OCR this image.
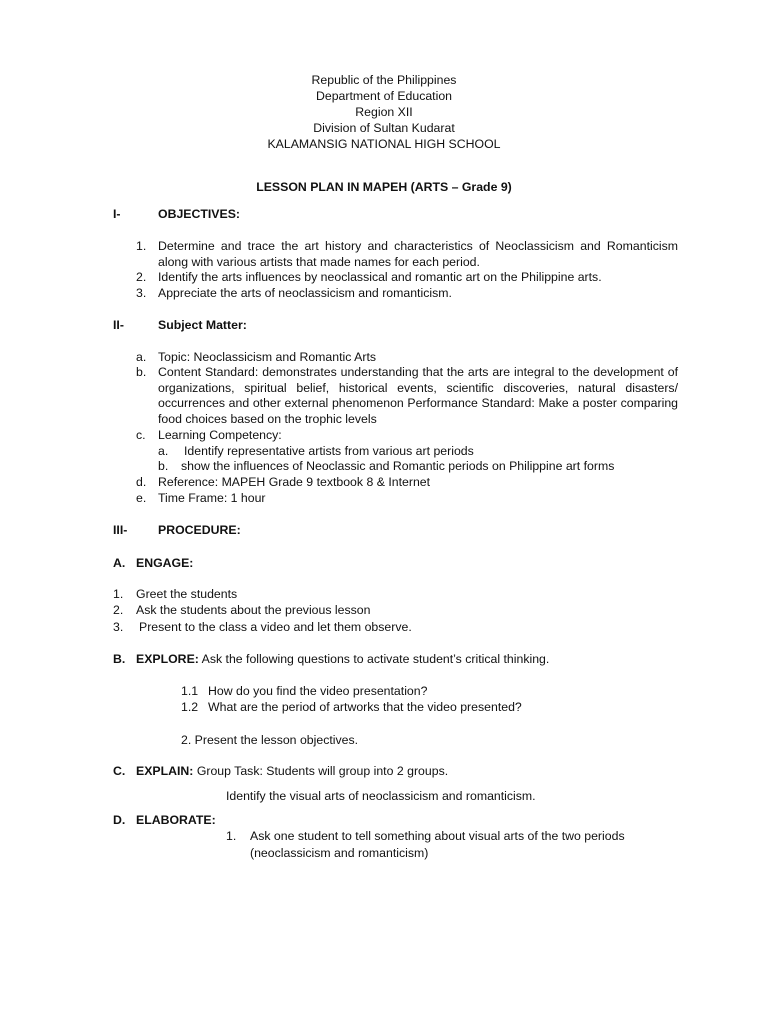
Republic of the Philippines
Department of Education
Region XII
Division of Sultan Kudarat
KALAMANSIG NATIONAL HIGH SCHOOL
LESSON PLAN IN MAPEH (ARTS – Grade 9)
I-	OBJECTIVES:
1. Determine and trace the art history and characteristics of Neoclassicism and Romanticism along with various artists that made names for each period.
2. Identify the arts influences by neoclassical and romantic art on the Philippine arts.
3. Appreciate the arts of neoclassicism and romanticism.
II-	Subject Matter:
a. Topic: Neoclassicism and Romantic Arts
b. Content Standard: demonstrates understanding that the arts are integral to the development of organizations, spiritual belief, historical events, scientific discoveries, natural disasters/ occurrences and other external phenomenon Performance Standard: Make a poster comparing food choices based on the trophic levels
c. Learning Competency:
a. Identify representative artists from various art periods
b. show the influences of Neoclassic and Romantic periods on Philippine art forms
d. Reference: MAPEH Grade 9 textbook 8 & Internet
e. Time Frame: 1 hour
III- PROCEDURE:
A. ENGAGE:
1. Greet the students
2. Ask the students about the previous lesson
3. Present to the class a video and let them observe.
B. EXPLORE: Ask the following questions to activate student’s critical thinking.
1.1 How do you find the video presentation?
1.2 What are the period of artworks that the video presented?
2. Present the lesson objectives.
C. EXPLAIN: Group Task: Students will group into 2 groups.
Identify the visual arts of neoclassicism and romanticism.
D. ELABORATE:
1. Ask one student to tell something about visual arts of the two periods
(neoclassicism and romanticism)
